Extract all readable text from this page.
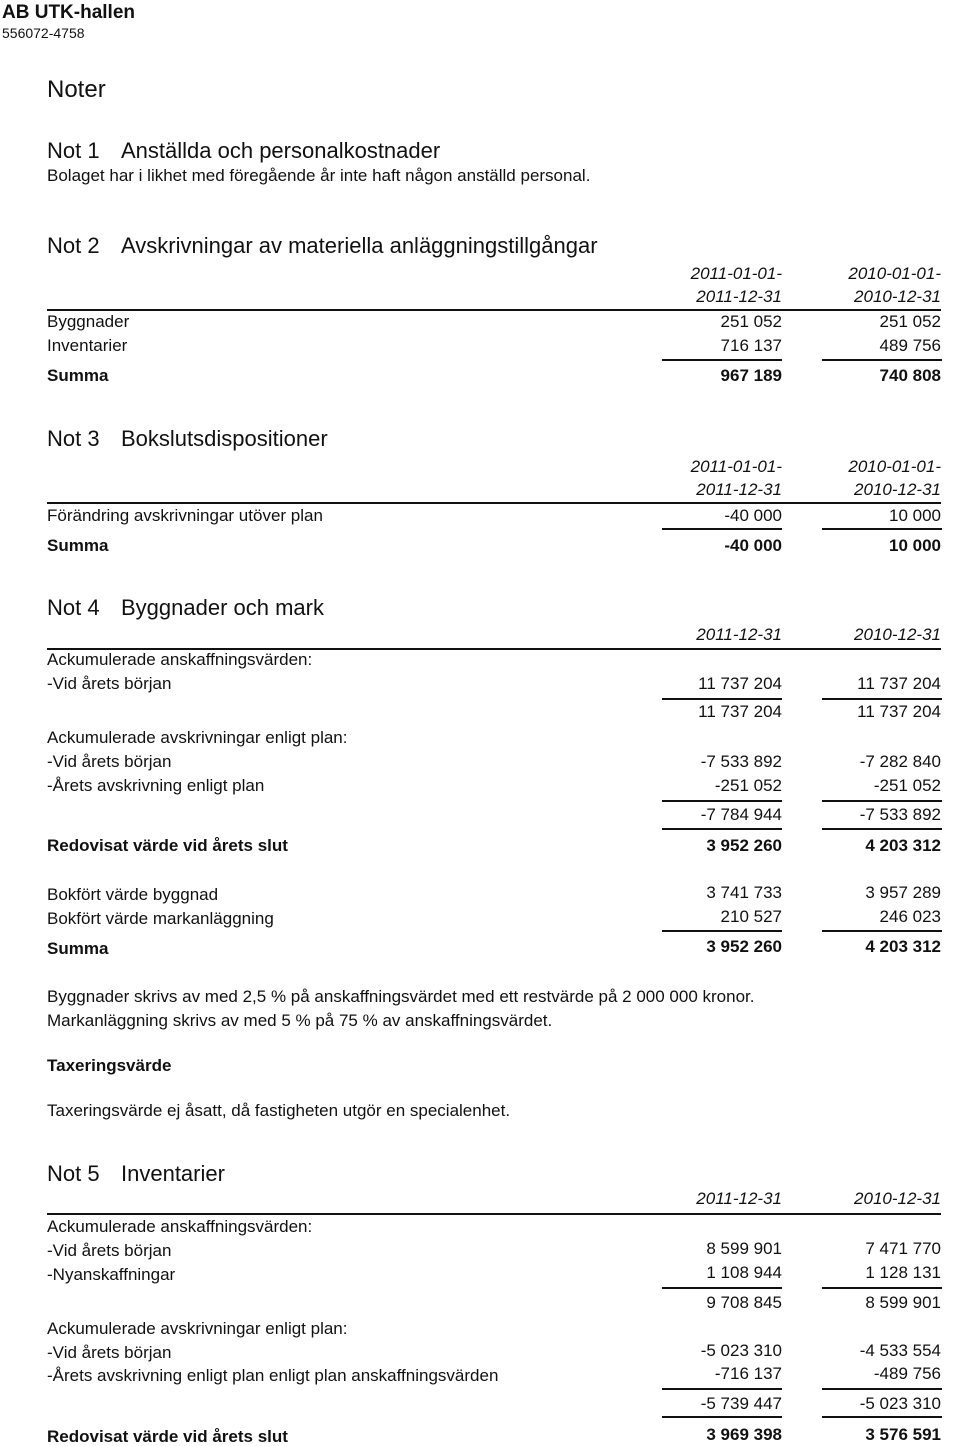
AB UTK-hallen
556072-4758
Noter
Not 1 Anställda och personalkostnader
Bolaget har i likhet med föregående år inte haft någon anställd personal.
Not 2 Avskrivningar av materiella anläggningstillgångar
2011-01-01-	2010-01-01-
2011-12-31	2010-12-31
Byggnader	251 052	251 052
Inventarier	716 137	489 756
Summa	967 189	740 808
Not 3 Bokslutsdispositioner
2011-01-01-	2010-01-01-
2011-12-31	2010-12-31
Förändring avskrivningar utöver plan	-40 000	10 000
Summa	-40 000	10 000
Not 4 Byggnader och mark
2011-12-31	2010-12-31
Ackumulerade anskaffningsvärden:
-Vid årets början	11 737 204	11 737 204
11 737 204	11 737 204
Ackumulerade avskrivningar enligt plan:
-Vid årets början	-7 533 892	-7 282 840
-Årets avskrivning enligt plan	-251 052	-251 052
-7 784 944	-7 533 892
Redovisat värde vid årets slut	3 952 260	4 203 312
Bokfört värde byggnad	3 741 733	3 957 289
Bokfört värde markanläggning	210 527	246 023
Summa	3 952 260	4 203 312
Byggnader skrivs av med 2,5 % på anskaffningsvärdet med ett restvärde på 2 000 000 kronor.
Markanläggning skrivs av med 5 % på 75 % av anskaffningsvärdet.
Taxeringsvärde
Taxeringsvärde ej åsatt, då fastigheten utgör en specialenhet.
Not 5 Inventarier
2011-12-31	2010-12-31
Ackumulerade anskaffningsvärden:
-Vid årets början	8 599 901	7 471 770
-Nyanskaffningar	1 108 944	1 128 131
9 708 845	8 599 901
Ackumulerade avskrivningar enligt plan:
-Vid årets början	-5 023 310	-4 533 554
-Årets avskrivning enligt plan enligt plan anskaffningsvärden	-716 137	-489 756
-5 739 447	-5 023 310
Redovisat värde vid årets slut	3 969 398	3 576 591
